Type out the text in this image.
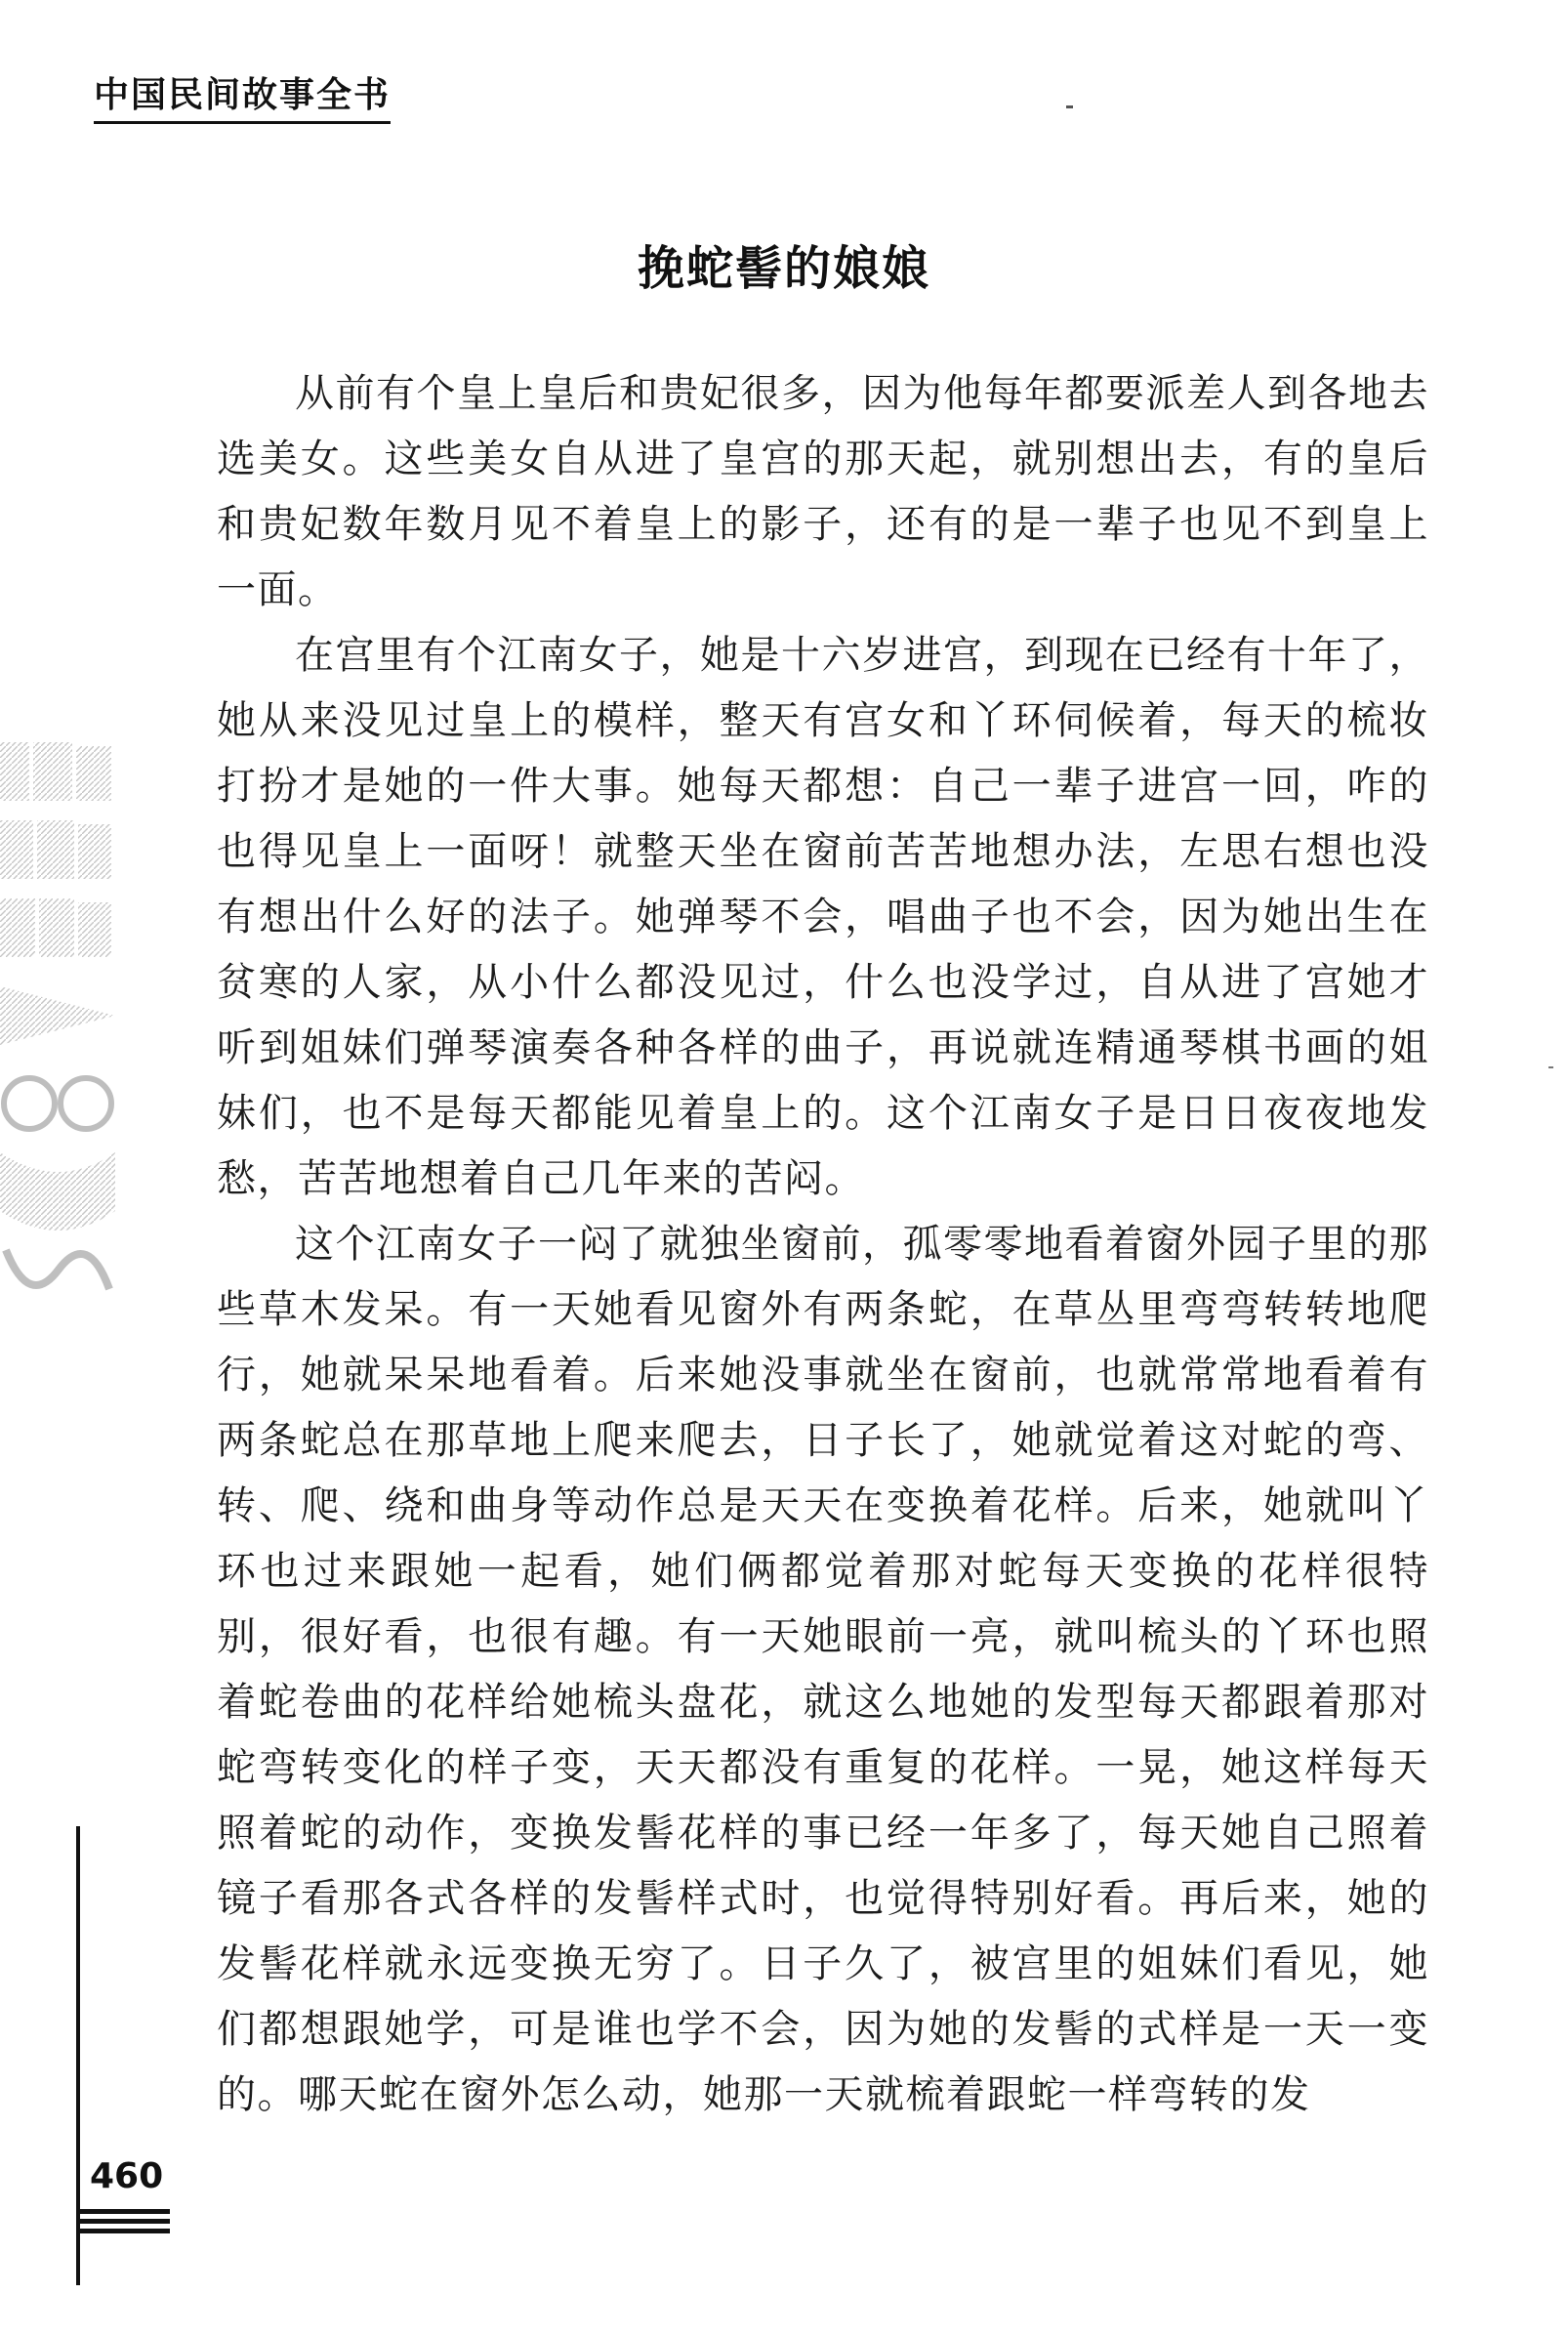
中国民间故事全书
挽蛇髻的娘娘

从前有个皇上皇后和贵妃很多，因为他每年都要派差人到各地去选美女。这些美女自从进了皇宫的那天起，就别想出去，有的皇后和贵妃数年数月见不着皇上的影子，还有的是一辈子也见不到皇上一面。

在宫里有个江南女子，她是十六岁进宫，到现在已经有十年了，她从来没见过皇上的模样，整天有宫女和丫环伺候着，每天的梳妆打扮才是她的一件大事。她每天都想：自己一辈子进宫一回，咋的也得见皇上一面呀！就整天坐在窗前苦苦地想办法，左思右想也没有想出什么好的法子。她弹琴不会，唱曲子也不会，因为她出生在贫寒的人家，从小什么都没见过，什么也没学过，自从进了宫她才听到姐妹们弹琴演奏各种各样的曲子，再说就连精通琴棋书画的姐妹们，也不是每天都能见着皇上的。这个江南女子是日日夜夜地发愁，苦苦地想着自己几年来的苦闷。

这个江南女子一闷了就独坐窗前，孤零零地看着窗外园子里的那些草木发呆。有一天她看见窗外有两条蛇，在草丛里弯弯转转地爬行，她就呆呆地看着。后来她没事就坐在窗前，也就常常地看着有两条蛇总在那草地上爬来爬去，日子长了，她就觉着这对蛇的弯、转、爬、绕和曲身等动作总是天天在变换着花样。后来，她就叫丫环也过来跟她一起看，她们俩都觉着那对蛇每天变换的花样很特别，很好看，也很有趣。有一天她眼前一亮，就叫梳头的丫环也照着蛇卷曲的花样给她梳头盘花，就这么地她的发型每天都跟着那对蛇弯转变化的样子变，天天都没有重复的花样。一晃，她这样每天照着蛇的动作，变换发髻花样的事已经一年多了，每天她自己照着镜子看那各式各样的发髻样式时，也觉得特别好看。再后来，她的发髻花样就永远变换无穷了。日子久了，被宫里的姐妹们看见，她们都想跟她学，可是谁也学不会，因为她的发髻的式样是一天一变的。哪天蛇在窗外怎么动，她那一天就梳着跟蛇一样弯转的发

460
